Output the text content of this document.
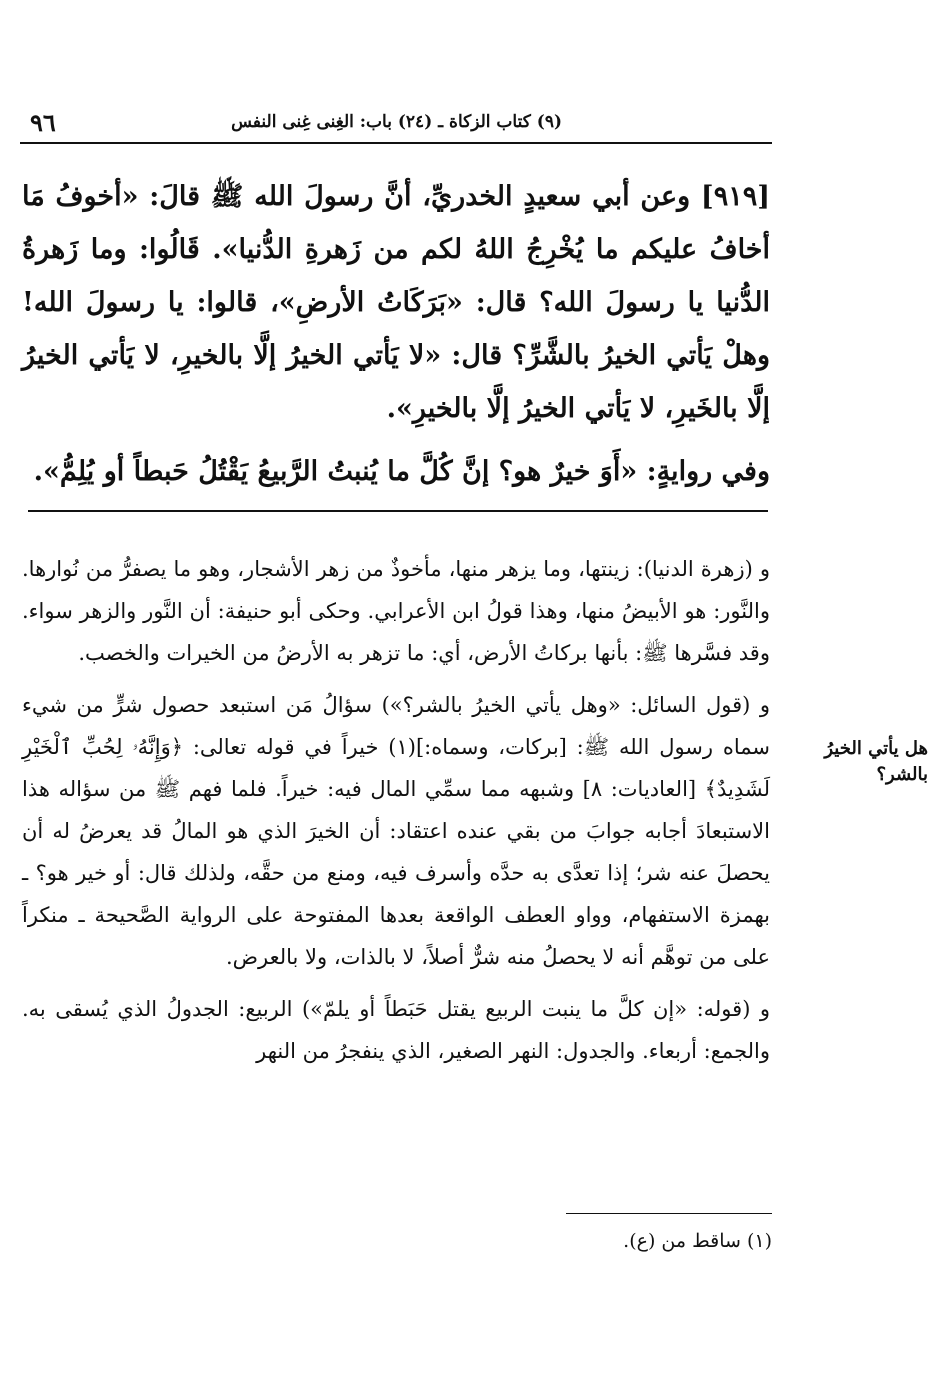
٩٦	(٩) كتاب الزكاة ـ (٢٤) باب: الغِنى غِنى النفس

[٩١٩] وعن أبي سعيدٍ الخدريِّ، أنَّ رسولَ الله ﷺ قالَ: «أخوفُ مَا أخافُ عليكم ما يُخْرِجُ اللهُ لكم من زَهرةِ الدُّنيا». قَالُوا: وما زَهرةُ الدُّنيا يا رسولَ الله؟ قال: «بَرَكَاتُ الأرضِ»، قالوا: يا رسولَ الله! وهلْ يَأتي الخيرُ بالشَّرِّ؟ قال: «لا يَأتي الخيرُ إلَّا بالخيرِ، لا يَأتي الخيرُ إلَّا بالخَيرِ، لا يَأتي الخيرُ إلَّا بالخيرِ».

وفي روايةٍ: «أَوَ خيرٌ هو؟ إنَّ كُلَّ ما يُنبتُ الرَّبيعُ يَقْتُلُ حَبطاً أو يُلِمُّ».

و (زهرة الدنيا): زينتها، وما يزهر منها، مأخوذٌ من زهر الأشجار، وهو ما يصفرُّ من نُوارها. والنَّور: هو الأبيضُ منها، وهذا قولُ ابن الأعرابي. وحكى أبو حنيفة: أن النَّور والزهر سواء. وقد فسَّرها ﷺ: بأنها بركاتُ الأرض، أي: ما تزهر به الأرضُ من الخيرات والخصب.

و (قول السائل: «وهل يأتي الخيرُ بالشر؟») سؤالُ مَن استبعد حصول شرٍّ من شيء سماه رسول الله ﷺ: [بركات، وسماه:](١) خيراً في قوله تعالى: ﴿وَإِنَّهُۥ لِحُبِّ ٱلْخَيْرِ لَشَدِيدٌ﴾ [العاديات: ٨] وشبهه مما سمِّي المال فيه: خيراً. فلما فهم ﷺ من سؤاله هذا الاستبعادَ أجابه جوابَ من بقي عنده اعتقاد: أن الخيرَ الذي هو المالُ قد يعرضُ له أن يحصلَ عنه شر؛ إذا تعدَّى به حدَّه وأسرف فيه، ومنع من حقَّه، ولذلك قال: أو خير هو؟ ـ بهمزة الاستفهام، وواو العطف الواقعة بعدها المفتوحة على الرواية الصَّحيحة ـ منكراً على من توهَّم أنه لا يحصلُ منه شرٌّ أصلاً، لا بالذات، ولا بالعرض.

و (قوله: «إن كلَّ ما ينبت الربيع يقتل حَبَطاً أو يلمّ») الربيع: الجدولُ الذي يُسقى به. والجمع: أربعاء. والجدول: النهر الصغير، الذي ينفجرُ من النهر

هل يأتي الخيرُ بالشر؟
(١) ساقط من (ع).
